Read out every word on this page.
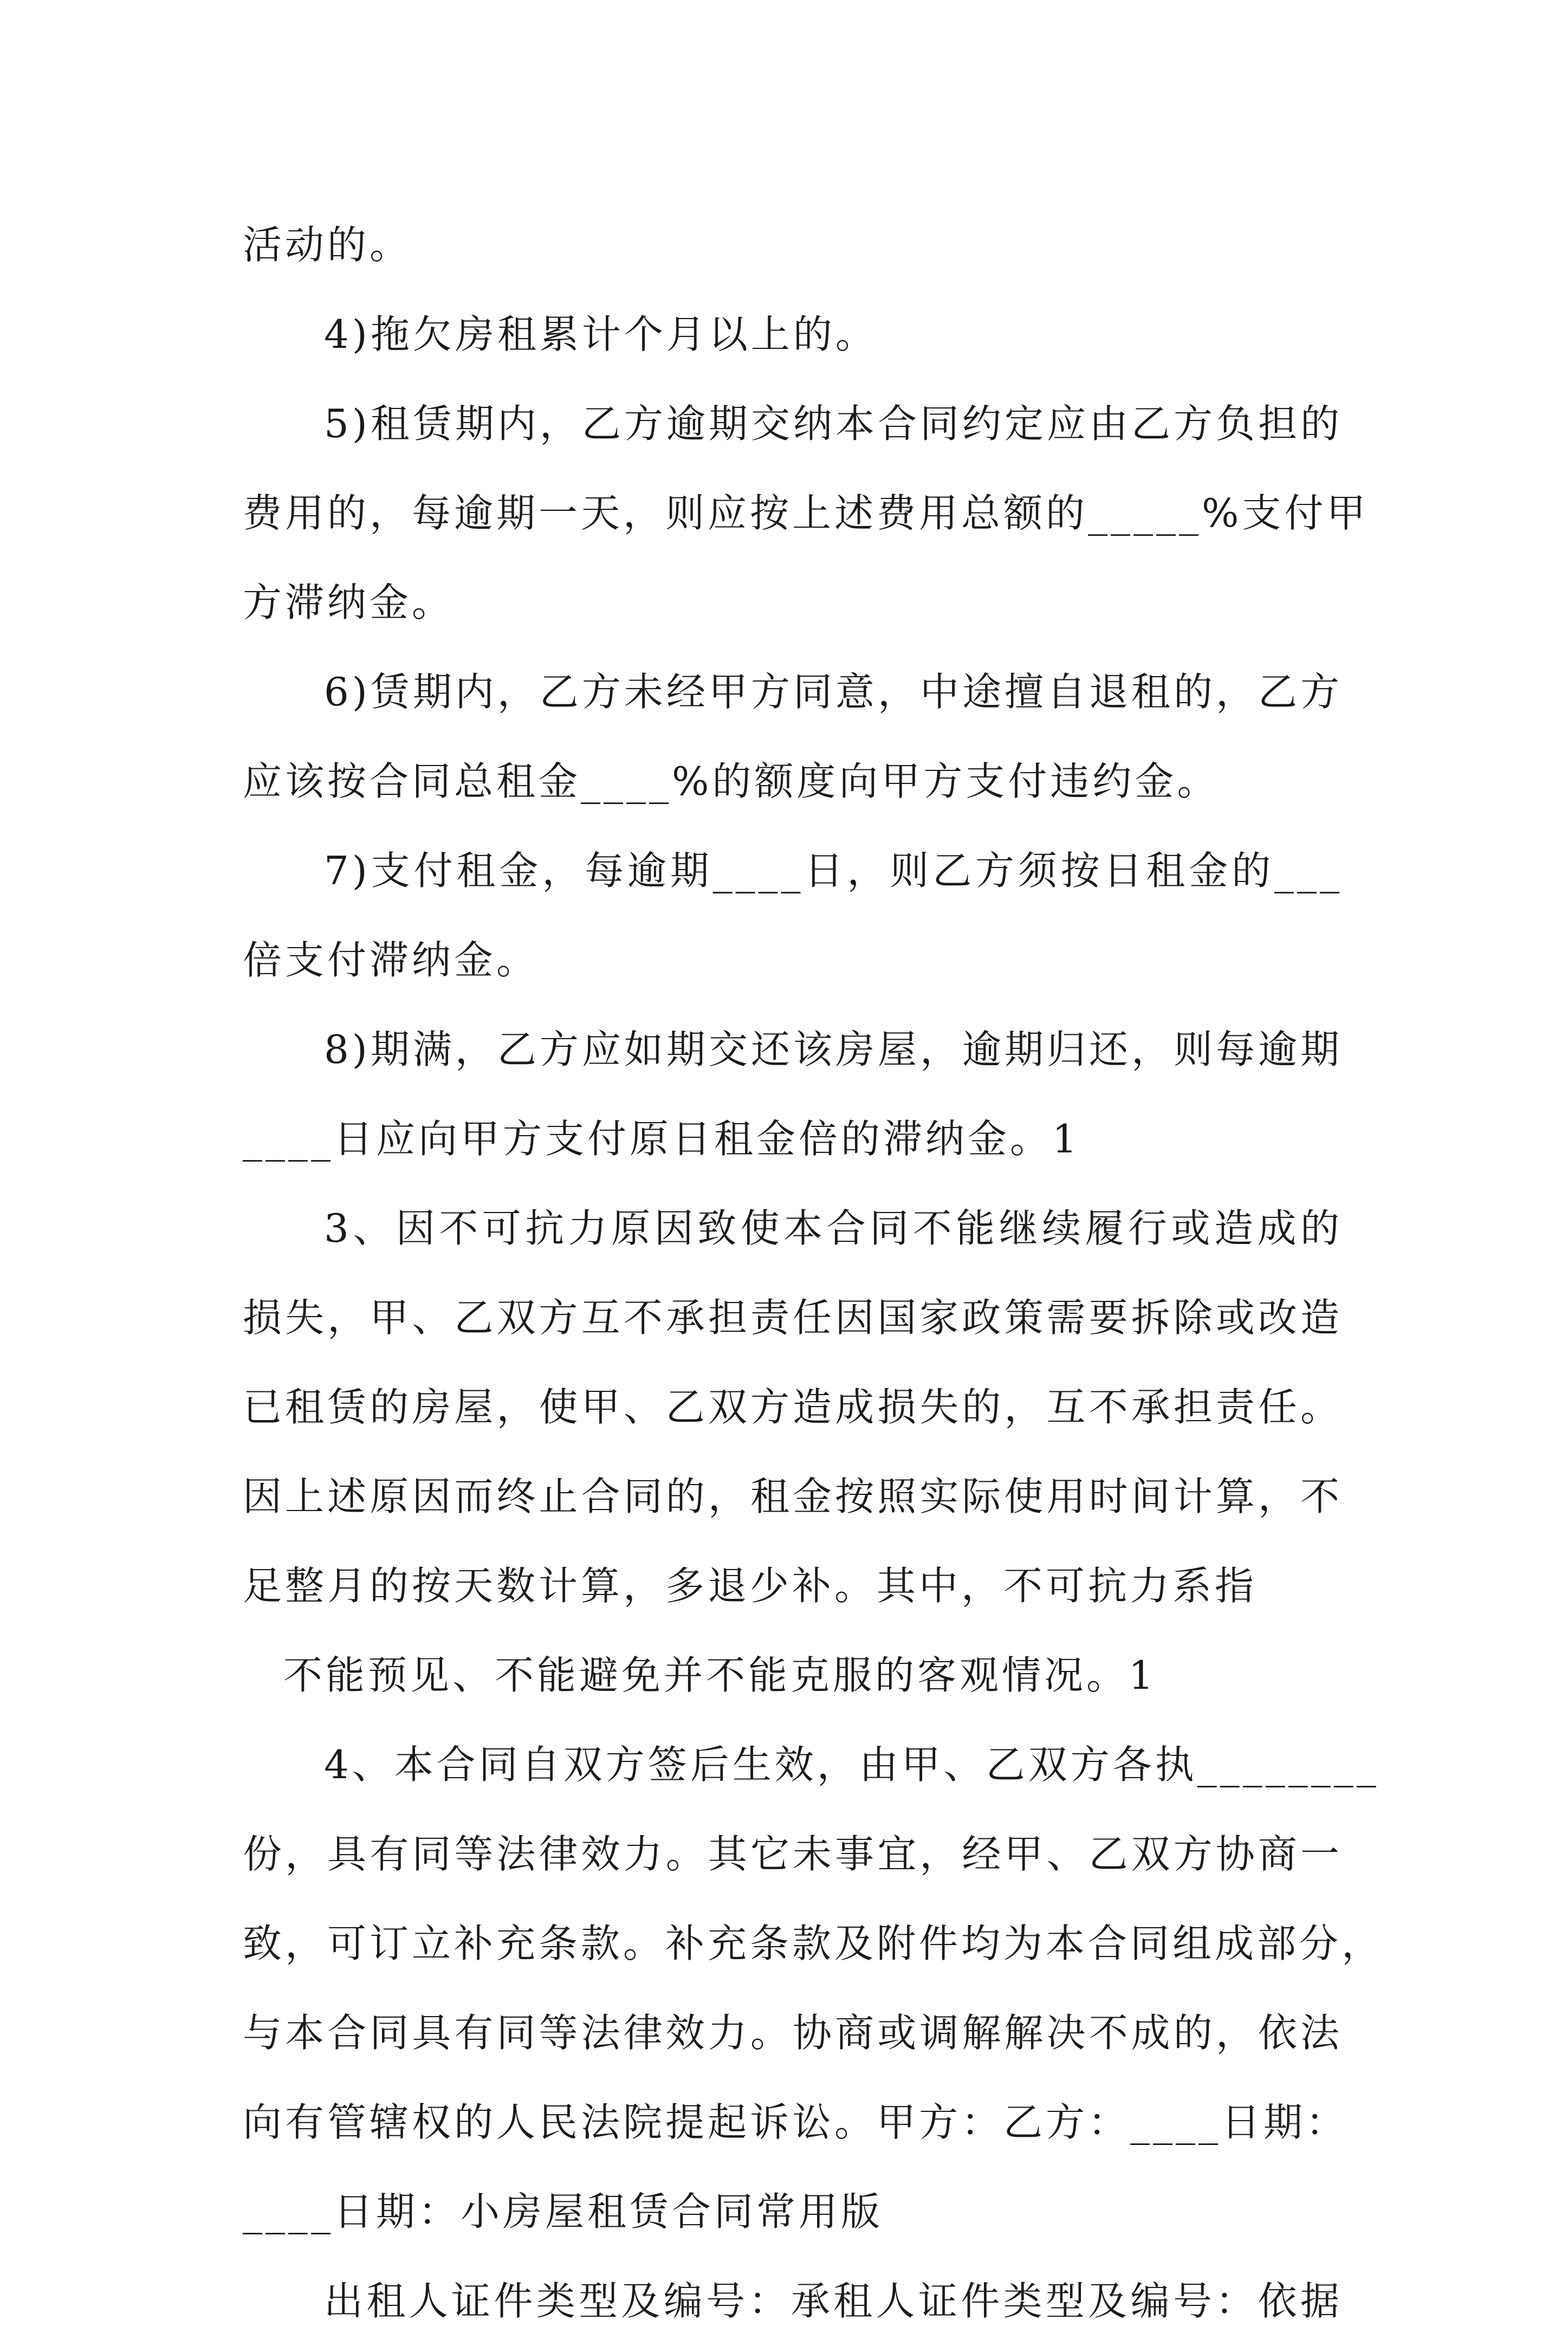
活动的。
4)拖欠房租累计个月以上的。
5)租赁期内，乙方逾期交纳本合同约定应由乙方负担的
费用的，每逾期一天，则应按上述费用总额的_____%支付甲
方滞纳金。
6)赁期内，乙方未经甲方同意，中途擅自退租的，乙方
应该按合同总租金____%的额度向甲方支付违约金。
7)支付租金，每逾期____日，则乙方须按日租金的___
倍支付滞纳金。
8)期满，乙方应如期交还该房屋，逾期归还，则每逾期
____日应向甲方支付原日租金倍的滞纳金。1
3、因不可抗力原因致使本合同不能继续履行或造成的
损失，甲、乙双方互不承担责任因国家政策需要拆除或改造
已租赁的房屋，使甲、乙双方造成损失的，互不承担责任。
因上述原因而终止合同的，租金按照实际使用时间计算，不
足整月的按天数计算，多退少补。其中，不可抗力系指
不能预见、不能避免并不能克服的客观情况。1
4、本合同自双方签后生效，由甲、乙双方各执________
份，具有同等法律效力。其它未事宜，经甲、乙双方协商一
致，可订立补充条款。补充条款及附件均为本合同组成部分，
与本合同具有同等法律效力。协商或调解解决不成的，依法
向有管辖权的人民法院提起诉讼。甲方：乙方：____日期：
____日期：小房屋租赁合同常用版
出租人证件类型及编号：承租人证件类型及编号：依据
